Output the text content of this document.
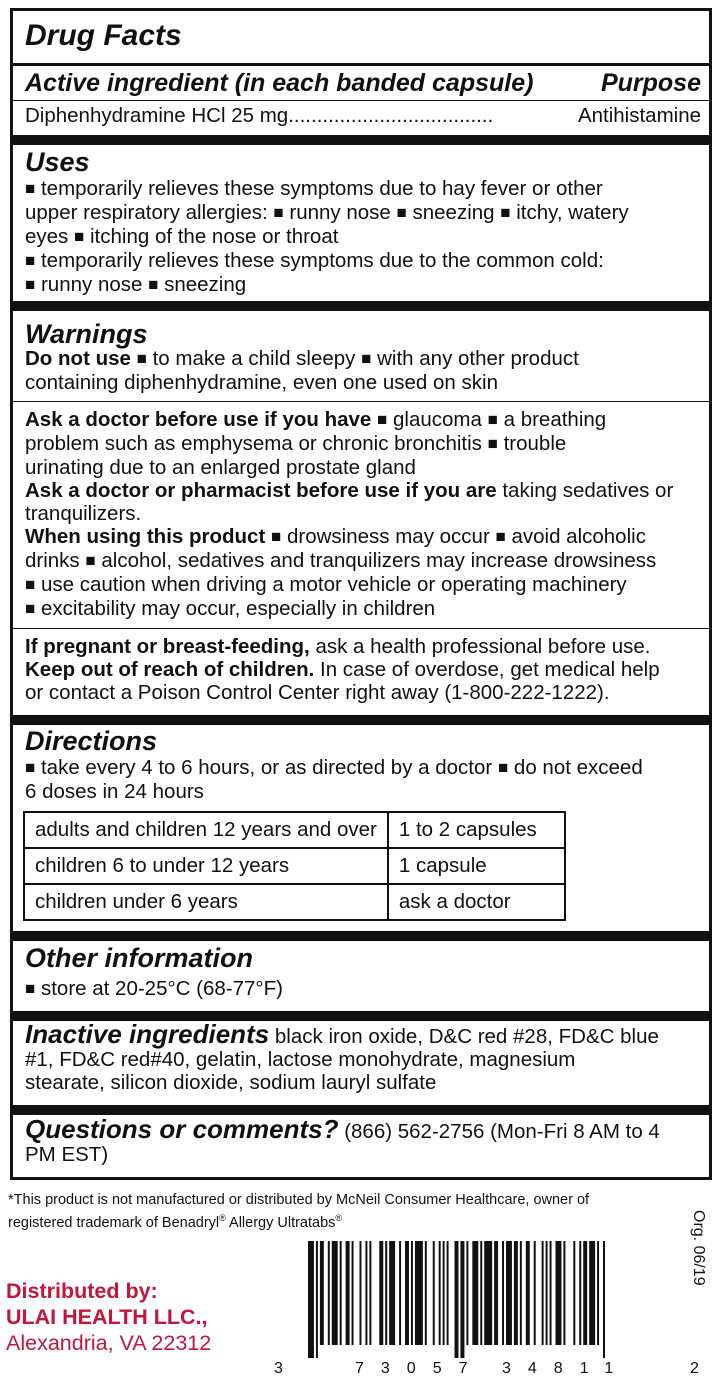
Drug Facts
Active ingredient (in each banded capsule)	Purpose
Diphenhydramine HCl 25 mg ....................................	Antihistamine
Uses
■ temporarily relieves these symptoms due to hay fever or other
upper respiratory allergies: ■ runny nose ■ sneezing ■ itchy, watery
eyes ■ itching of the nose or throat
■ temporarily relieves these symptoms due to the common cold:
■ runny nose ■ sneezing
Warnings
Do not use ■ to make a child sleepy ■ with any other product
containing diphenhydramine, even one used on skin
Ask a doctor before use if you have ■ glaucoma ■ a breathing
problem such as emphysema or chronic bronchitis ■ trouble
urinating due to an enlarged prostate gland
Ask a doctor or pharmacist before use if you are taking sedatives or
tranquilizers.
When using this product ■ drowsiness may occur ■ avoid alcoholic
drinks ■ alcohol, sedatives and tranquilizers may increase drowsiness
■ use caution when driving a motor vehicle or operating machinery
■ excitability may occur, especially in children
If pregnant or breast-feeding, ask a health professional before use.
Keep out of reach of children. In case of overdose, get medical help
or contact a Poison Control Center right away (1-800-222-1222).
Directions
■ take every 4 to 6 hours, or as directed by a doctor ■ do not exceed
6 doses in 24 hours
adults and children 12 years and over	1 to 2 capsules
children 6 to under 12 years	1 capsule
children under 6 years	ask a doctor
Other information
■ store at 20-25°C (68-77°F)
Inactive ingredients black iron oxide, D&C red #28, FD&C blue
#1, FD&C red#40, gelatin, lactose monohydrate, magnesium
stearate, silicon dioxide, sodium lauryl sulfate
Questions or comments? (866) 562-2756 (Mon-Fri 8 AM to 4
PM EST)
*This product is not manufactured or distributed by McNeil Consumer Healthcare, owner of
registered trademark of Benadryl® Allergy Ultratabs®
Distributed by:
ULAI HEALTH LLC.,
Alexandria, VA 22312
3	73057 34811	2
Org. 06/19
